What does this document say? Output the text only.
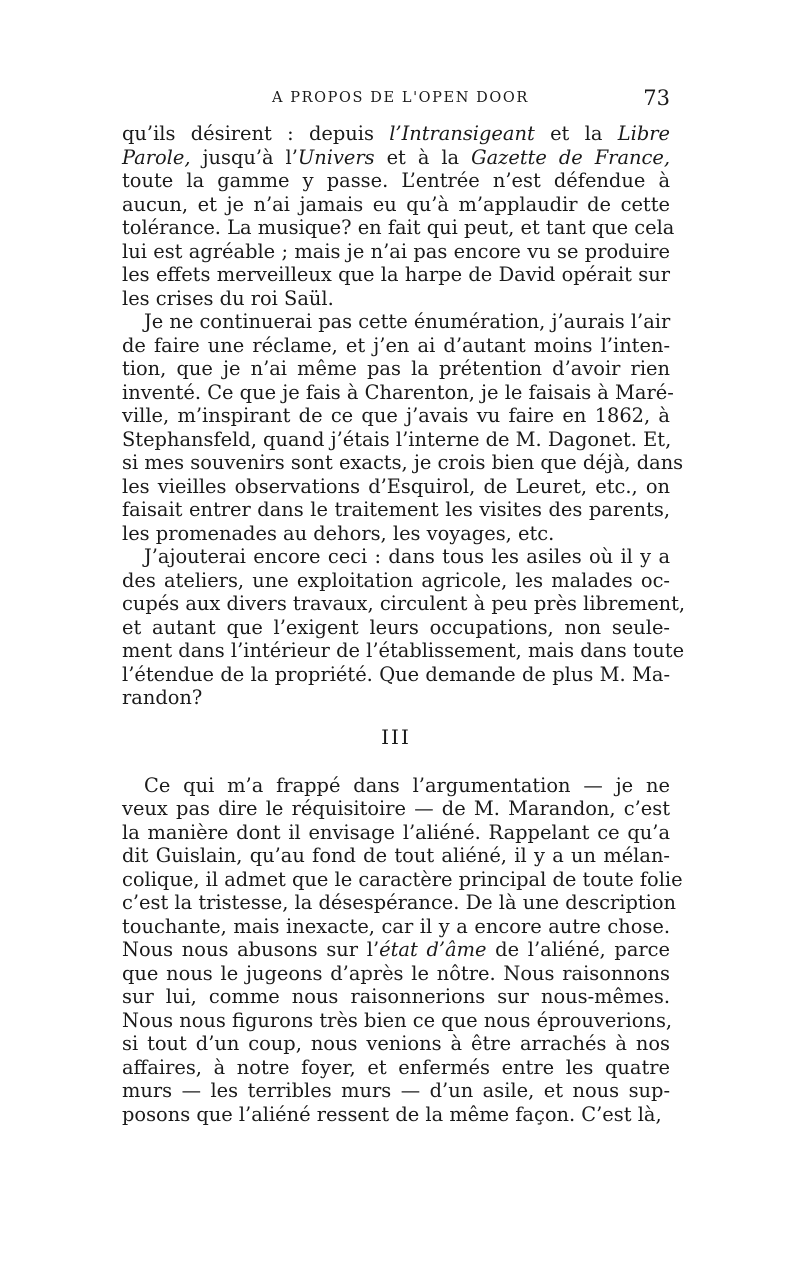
A PROPOS DE L'OPEN DOOR	73
qu’ils désirent : depuis l’Intransigeant et la Libre
Parole, jusqu’à l’Univers et à la Gazette de France,
toute la gamme y passe. L’entrée n’est défendue à
aucun, et je n’ai jamais eu qu’à m’applaudir de cette
tolérance. La musique? en fait qui peut, et tant que cela
lui est agréable ; mais je n’ai pas encore vu se produire
les effets merveilleux que la harpe de David opérait sur
les crises du roi Saül.
Je ne continuerai pas cette énumération, j’aurais l’air
de faire une réclame, et j’en ai d’autant moins l’inten-
tion, que je n’ai même pas la prétention d’avoir rien
inventé. Ce que je fais à Charenton, je le faisais à Maré-
ville, m’inspirant de ce que j’avais vu faire en 1862, à
Stephansfeld, quand j’étais l’interne de M. Dagonet. Et,
si mes souvenirs sont exacts, je crois bien que déjà, dans
les vieilles observations d’Esquirol, de Leuret, etc., on
faisait entrer dans le traitement les visites des parents,
les promenades au dehors, les voyages, etc.
J’ajouterai encore ceci : dans tous les asiles où il y a
des ateliers, une exploitation agricole, les malades oc-
cupés aux divers travaux, circulent à peu près librement,
et autant que l’exigent leurs occupations, non seule-
ment dans l’intérieur de l’établissement, mais dans toute
l’étendue de la propriété. Que demande de plus M. Ma-
randon?
III
Ce qui m’a frappé dans l’argumentation — je ne
veux pas dire le réquisitoire — de M. Marandon, c’est
la manière dont il envisage l’aliéné. Rappelant ce qu’a
dit Guislain, qu’au fond de tout aliéné, il y a un mélan-
colique, il admet que le caractère principal de toute folie
c’est la tristesse, la désespérance. De là une description
touchante, mais inexacte, car il y a encore autre chose.
Nous nous abusons sur l’état d’âme de l’aliéné, parce
que nous le jugeons d’après le nôtre. Nous raisonnons
sur lui, comme nous raisonnerions sur nous-mêmes.
Nous nous figurons très bien ce que nous éprouverions,
si tout d’un coup, nous venions à être arrachés à nos
affaires, à notre foyer, et enfermés entre les quatre
murs — les terribles murs — d’un asile, et nous sup-
posons que l’aliéné ressent de la même façon. C’est là,
